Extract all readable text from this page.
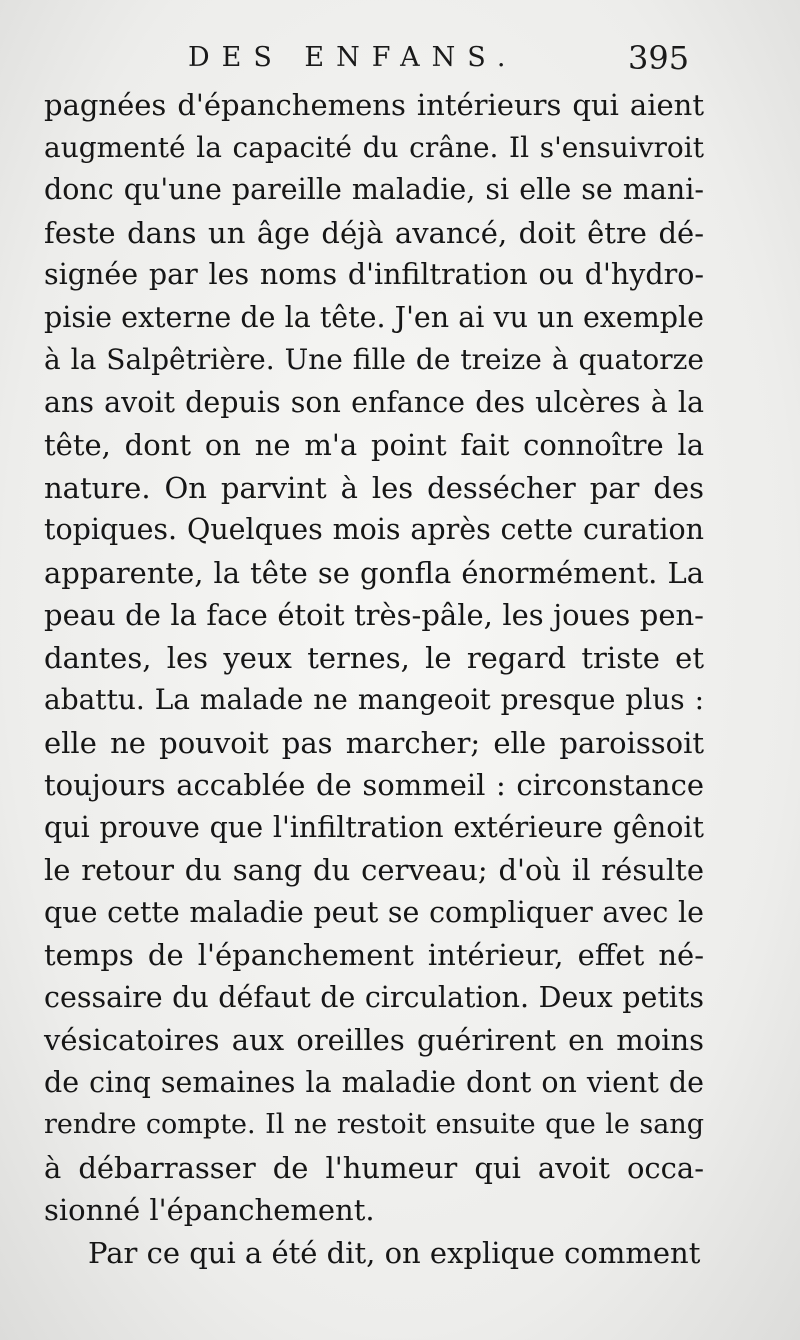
DES ENFANS.	395
pagnées d'épanchemens intérieurs qui aient
augmenté la capacité du crâne. Il s'ensuivroit
donc qu'une pareille maladie, si elle se mani-
feste dans un âge déjà avancé, doit être dé-
signée par les noms d'infiltration ou d'hydro-
pisie externe de la tête. J'en ai vu un exemple
à la Salpêtrière. Une fille de treize à quatorze
ans avoit depuis son enfance des ulcères à la
tête, dont on ne m'a point fait connoître la
nature. On parvint à les dessécher par des
topiques. Quelques mois après cette curation
apparente, la tête se gonfla énormément. La
peau de la face étoit très-pâle, les joues pen-
dantes, les yeux ternes, le regard triste et
abattu. La malade ne mangeoit presque plus :
elle ne pouvoit pas marcher; elle paroissoit
toujours accablée de sommeil : circonstance
qui prouve que l'infiltration extérieure gênoit
le retour du sang du cerveau; d'où il résulte
que cette maladie peut se compliquer avec le
temps de l'épanchement intérieur, effet né-
cessaire du défaut de circulation. Deux petits
vésicatoires aux oreilles guérirent en moins
de cinq semaines la maladie dont on vient de
rendre compte. Il ne restoit ensuite que le sang
à débarrasser de l'humeur qui avoit occa-
sionné l'épanchement.
Par ce qui a été dit, on explique comment
